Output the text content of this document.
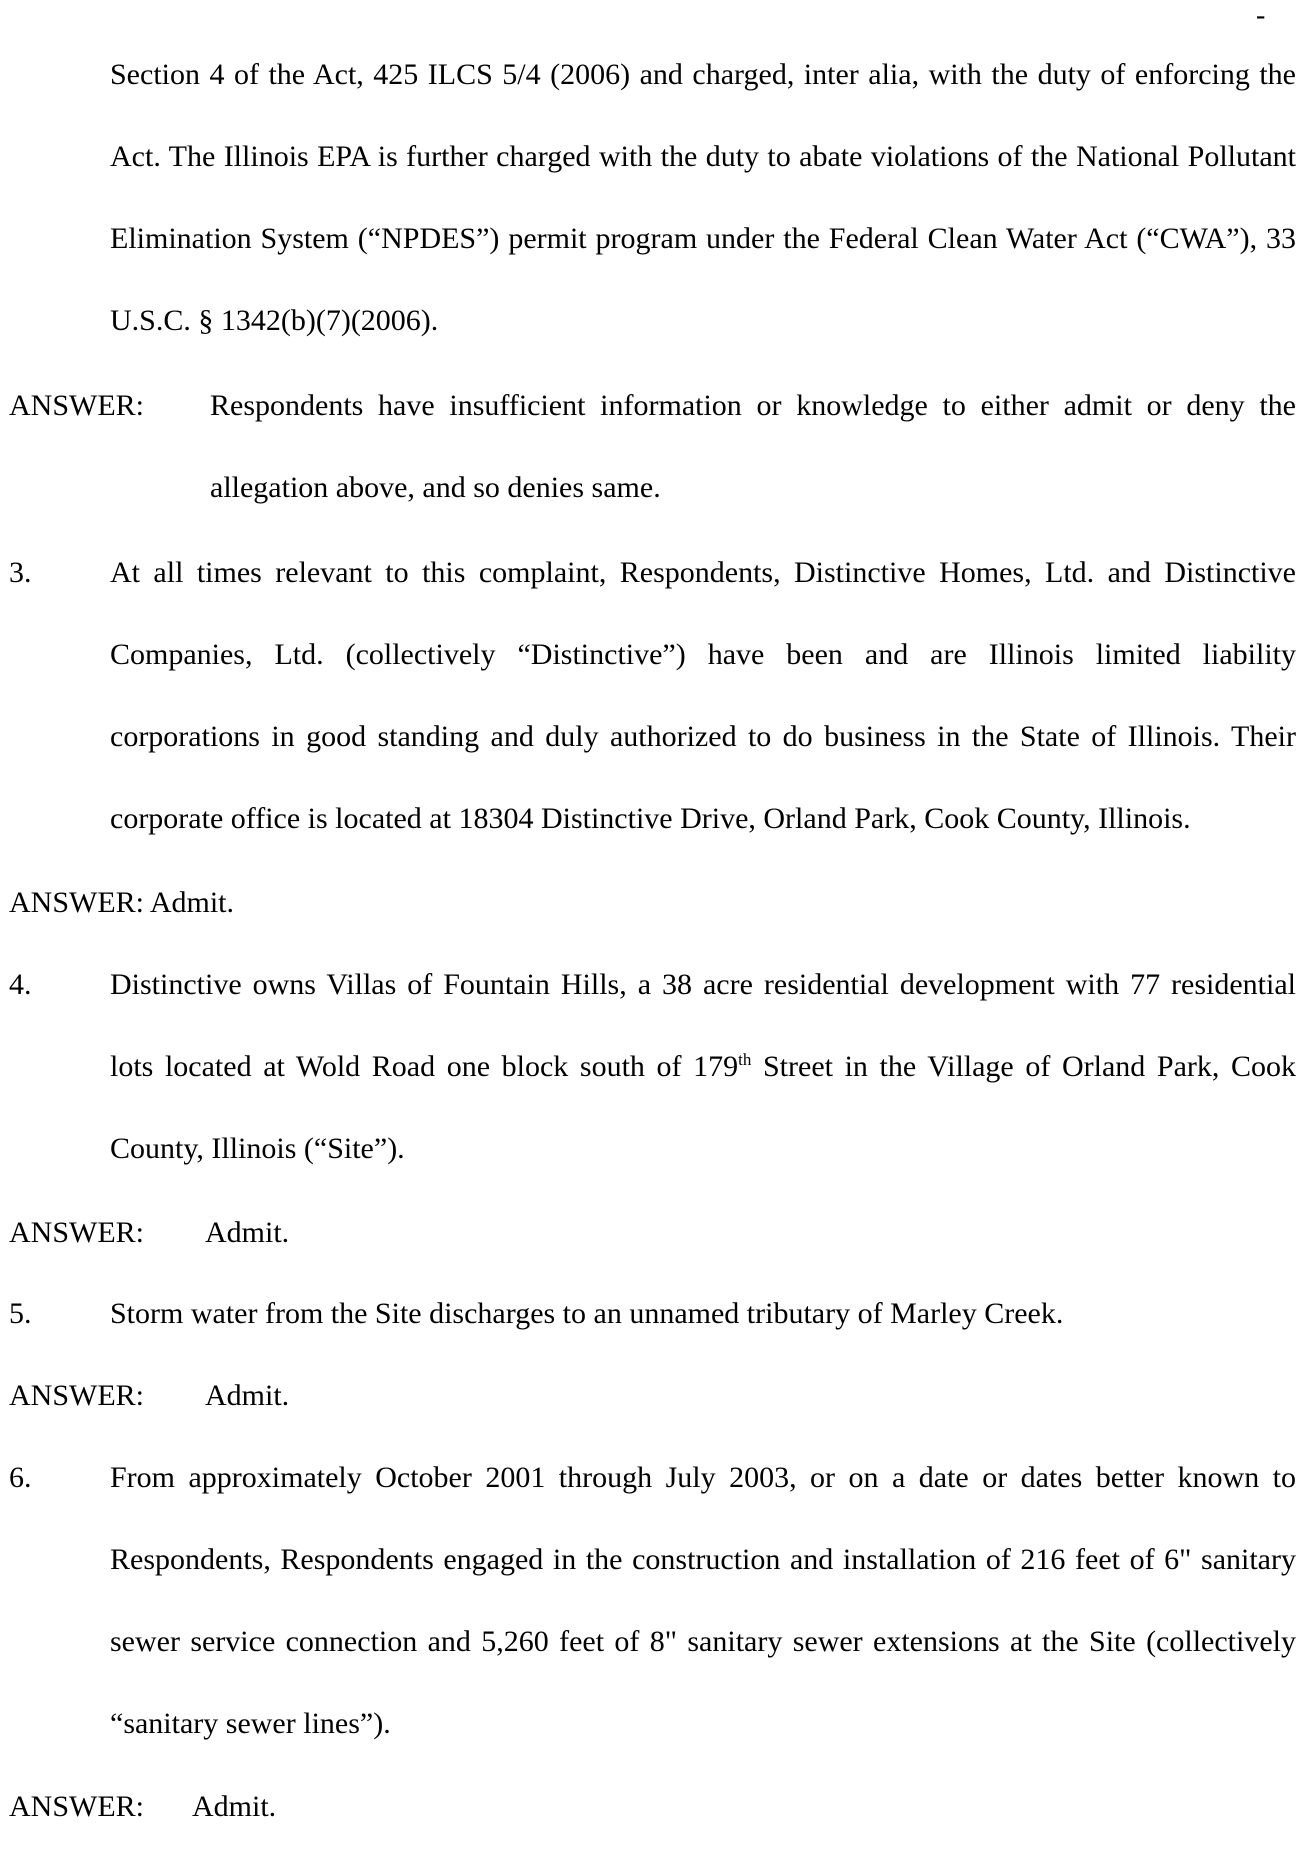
-

Section 4 of the Act, 425 ILCS 5/4 (2006) and charged, inter alia, with the duty of enforcing the Act. The Illinois EPA is further charged with the duty to abate violations of the National Pollutant Elimination System (“NPDES”) permit program under the Federal Clean Water Act (“CWA”), 33 U.S.C. § 1342(b)(7)(2006).

ANSWER: Respondents have insufficient information or knowledge to either admit or deny the allegation above, and so denies same.

3.	At all times relevant to this complaint, Respondents, Distinctive Homes, Ltd. and Distinctive Companies, Ltd. (collectively “Distinctive”) have been and are Illinois limited liability corporations in good standing and duly authorized to do business in the State of Illinois. Their corporate office is located at 18304 Distinctive Drive, Orland Park, Cook County, Illinois.

ANSWER: Admit.

4.	Distinctive owns Villas of Fountain Hills, a 38 acre residential development with 77 residential lots located at Wold Road one block south of 179th Street in the Village of Orland Park, Cook County, Illinois (“Site”).

ANSWER: Admit.

5.	Storm water from the Site discharges to an unnamed tributary of Marley Creek.

ANSWER: Admit.

6.	From approximately October 2001 through July 2003, or on a date or dates better known to Respondents, Respondents engaged in the construction and installation of 216 feet of 6" sanitary sewer service connection and 5,260 feet of 8" sanitary sewer extensions at the Site (collectively “sanitary sewer lines”).

ANSWER: Admit.
